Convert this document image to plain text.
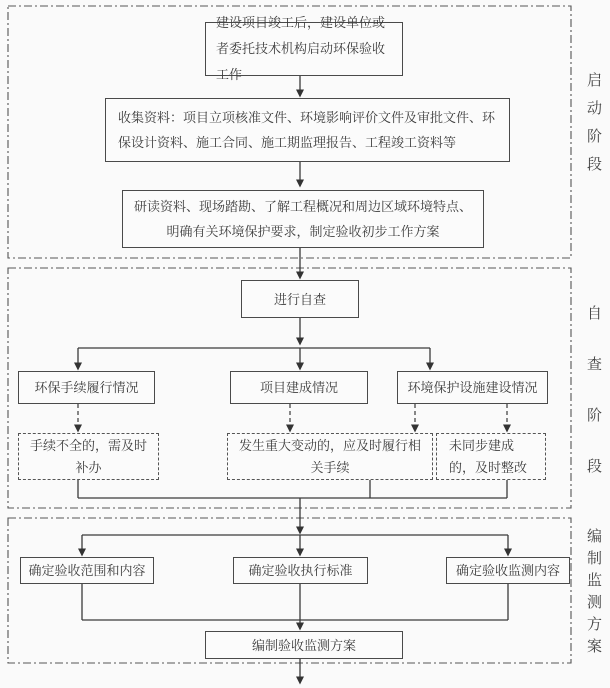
建设项目竣工后，建设单位或者委托技术机构启动环保验收工作
收集资料：项目立项核准文件、环境影响评价文件及审批文件、环保设计资料、施工合同、施工期监理报告、工程竣工资料等
研读资料、现场踏勘、了解工程概况和周边区域环境特点、明确有关环境保护要求，制定验收初步工作方案
进行自查
环保手续履行情况	项目建成情况	环境保护设施建设情况
手续不全的，需及时补办
发生重大变动的，应及时履行相关手续
未同步建成的，及时整改
确定验收范围和内容	确定验收执行标准	确定验收监测内容
编制验收监测方案
启动阶段
自查阶段
编制监测方案
